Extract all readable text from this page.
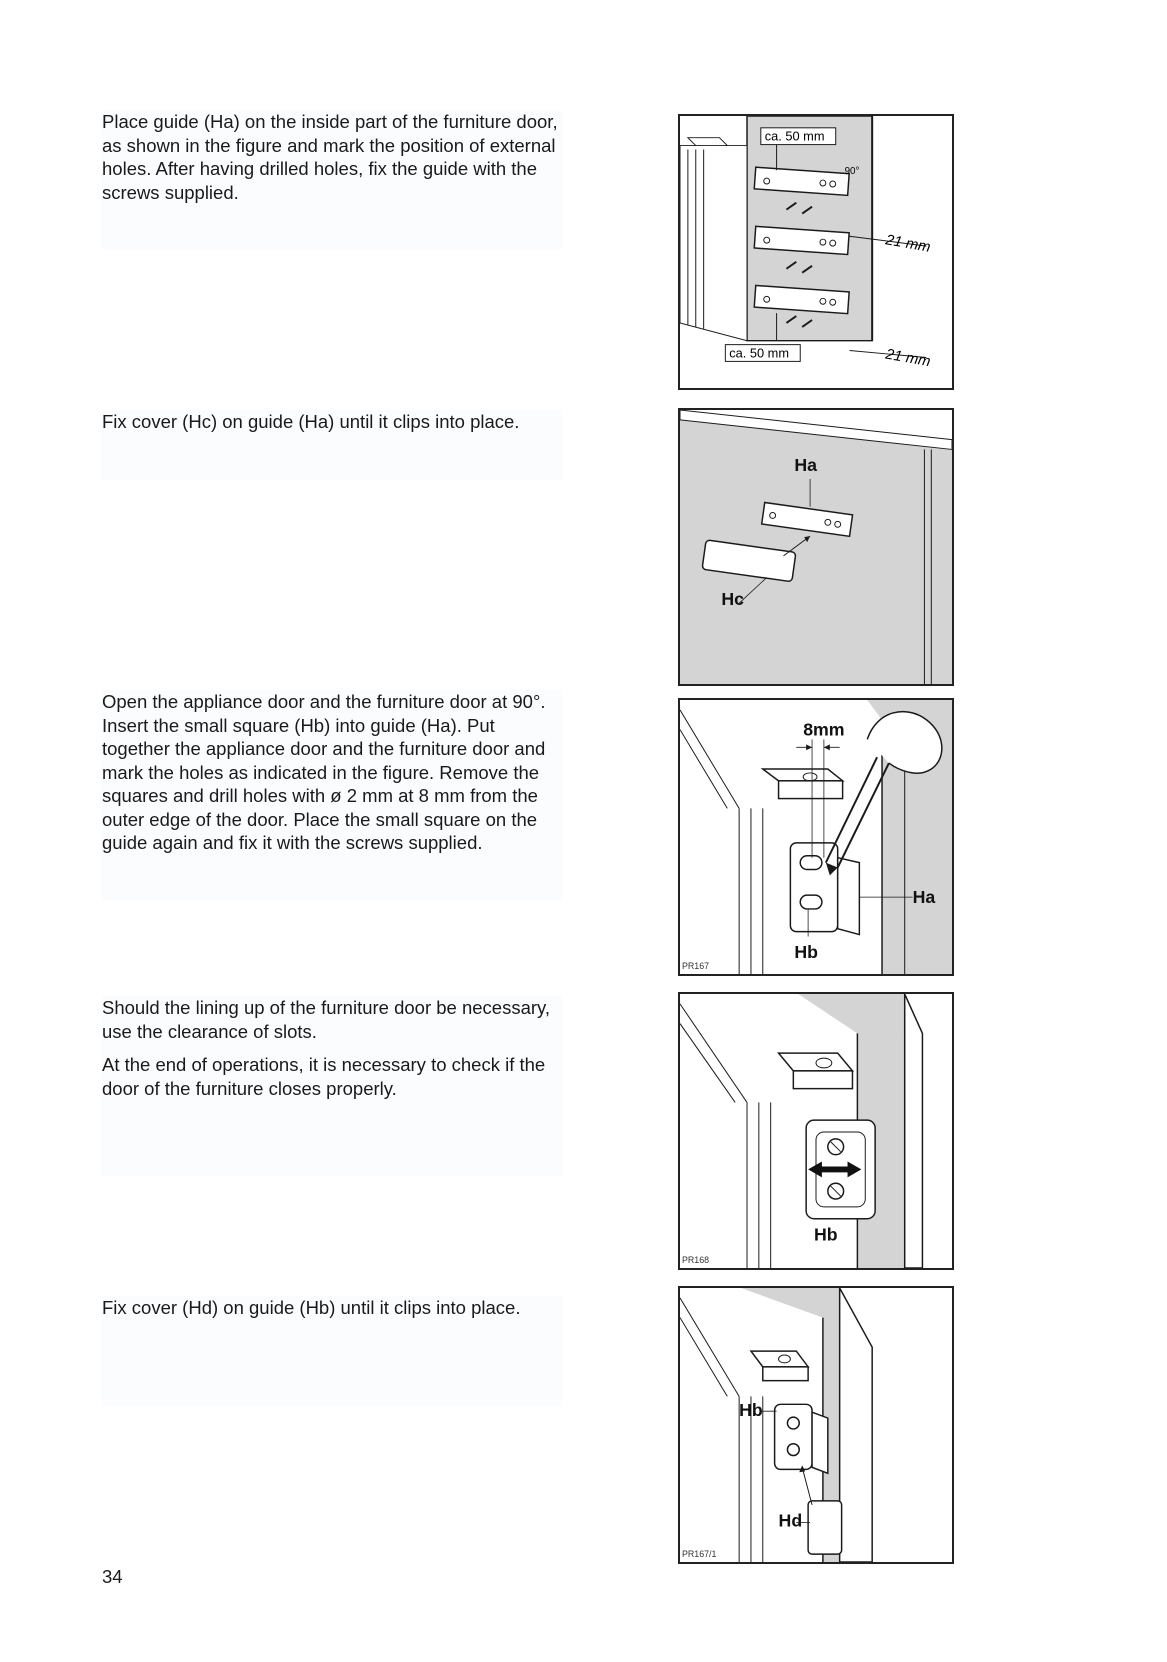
Place guide (Ha) on the inside part of the furniture door, as shown in the figure and mark the position of external holes. After having drilled holes, fix the guide with the screws supplied.

ca. 50 mm
ca. 50 mm
90°
21 mm
21 mm

Fix cover (Hc) on guide (Ha) until it clips into place.

Ha
Hc

Open the appliance door and the furniture door at 90°. Insert the small square (Hb) into guide (Ha). Put together the appliance door and the furniture door and mark the holes as indicated in the figure. Remove the squares and drill holes with ø 2 mm at 8 mm from the outer edge of the door. Place the small square on the guide again and fix it with the screws supplied.

8mm
Ha
Hb
PR167

Should the lining up of the furniture door be necessary, use the clearance of slots.

At the end of operations, it is necessary to check if the door of the furniture closes properly.

Hb
PR168

Fix cover (Hd) on guide (Hb) until it clips into place.

Hb
Hd
PR167/1
34
